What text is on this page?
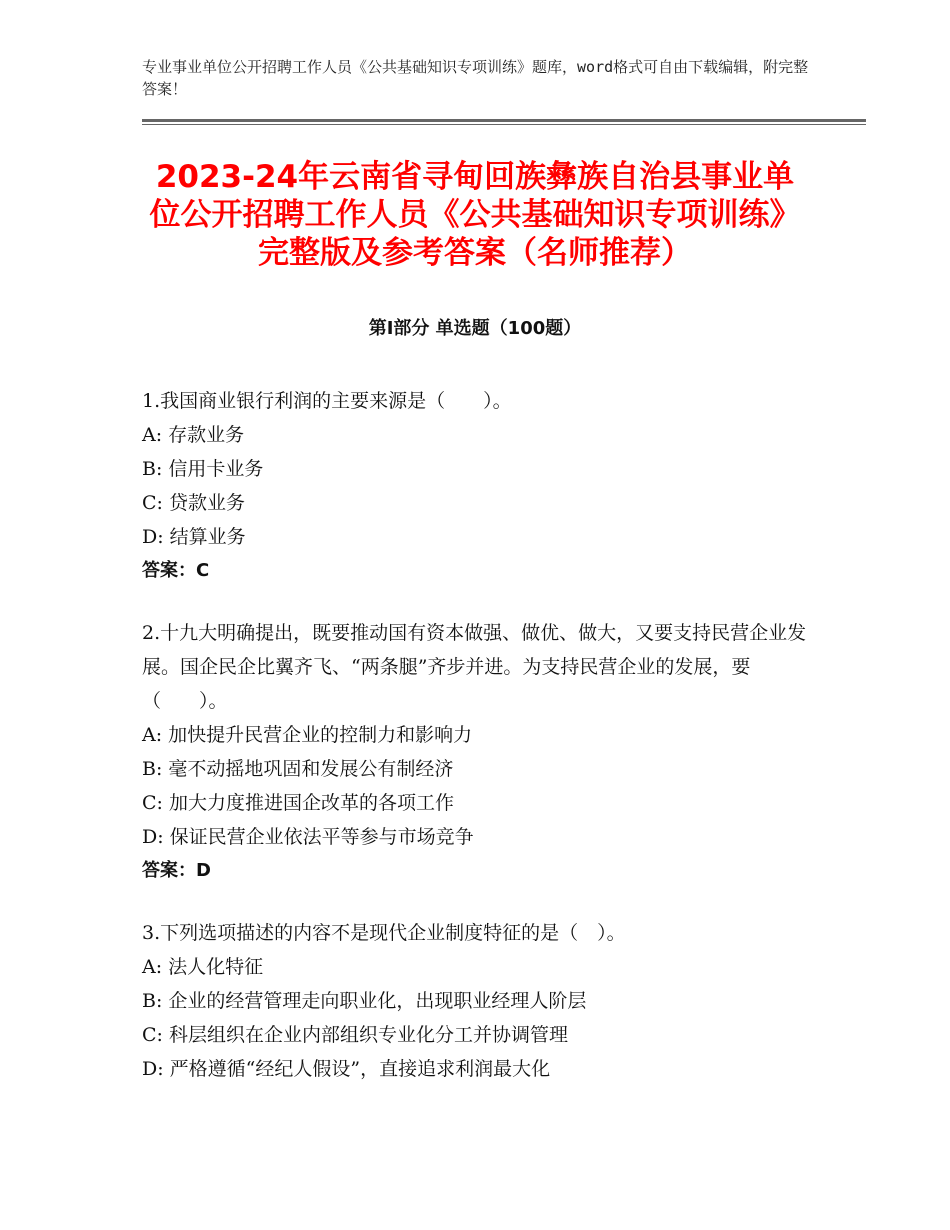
专业事业单位公开招聘工作人员《公共基础知识专项训练》题库，word格式可自由下载编辑，附完整答案！
2023-24年云南省寻甸回族彝族自治县事业单位公开招聘工作人员《公共基础知识专项训练》完整版及参考答案（名师推荐）
第Ⅰ部分 单选题（100题）
1.我国商业银行利润的主要来源是（　　）。
A: 存款业务
B: 信用卡业务
C: 贷款业务
D: 结算业务
答案：C
2.十九大明确提出，既要推动国有资本做强、做优、做大，又要支持民营企业发展。国企民企比翼齐飞、“两条腿”齐步并进。为支持民营企业的发展，要（　　）。
A: 加快提升民营企业的控制力和影响力
B: 毫不动摇地巩固和发展公有制经济
C: 加大力度推进国企改革的各项工作
D: 保证民营企业依法平等参与市场竞争
答案：D
3.下列选项描述的内容不是现代企业制度特征的是（　）。
A: 法人化特征
B: 企业的经营管理走向职业化，出现职业经理人阶层
C: 科层组织在企业内部组织专业化分工并协调管理
D: 严格遵循“经纪人假设”，直接追求利润最大化
